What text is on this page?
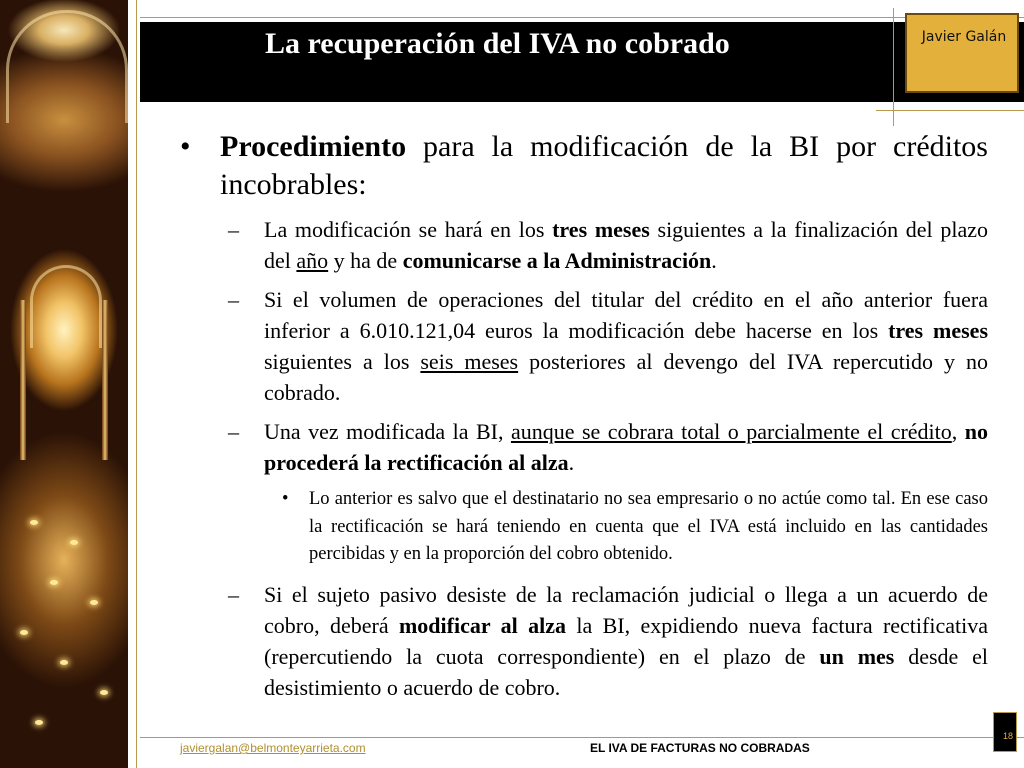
La recuperación del IVA no cobrado	Javier Galán
• Procedimiento para la modificación de la BI por créditos incobrables:
– La modificación se hará en los tres meses siguientes a la finalización del plazo del año y ha de comunicarse a la Administración.
– Si el volumen de operaciones del titular del crédito en el año anterior fuera inferior a 6.010.121,04 euros la modificación debe hacerse en los tres meses siguientes a los seis meses posteriores al devengo del IVA repercutido y no cobrado.
– Una vez modificada la BI, aunque se cobrara total o parcialmente el crédito, no procederá la rectificación al alza.
• Lo anterior es salvo que el destinatario no sea empresario o no actúe como tal. En ese caso la rectificación se hará teniendo en cuenta que el IVA está incluido en las cantidades percibidas y en la proporción del cobro obtenido.
– Si el sujeto pasivo desiste de la reclamación judicial o llega a un acuerdo de cobro, deberá modificar al alza la BI, expidiendo nueva factura rectificativa (repercutiendo la cuota correspondiente) en el plazo de un mes desde el desistimiento o acuerdo de cobro.
javiergalan@belmonteyarrieta.com	EL IVA DE FACTURAS NO COBRADAS
18
